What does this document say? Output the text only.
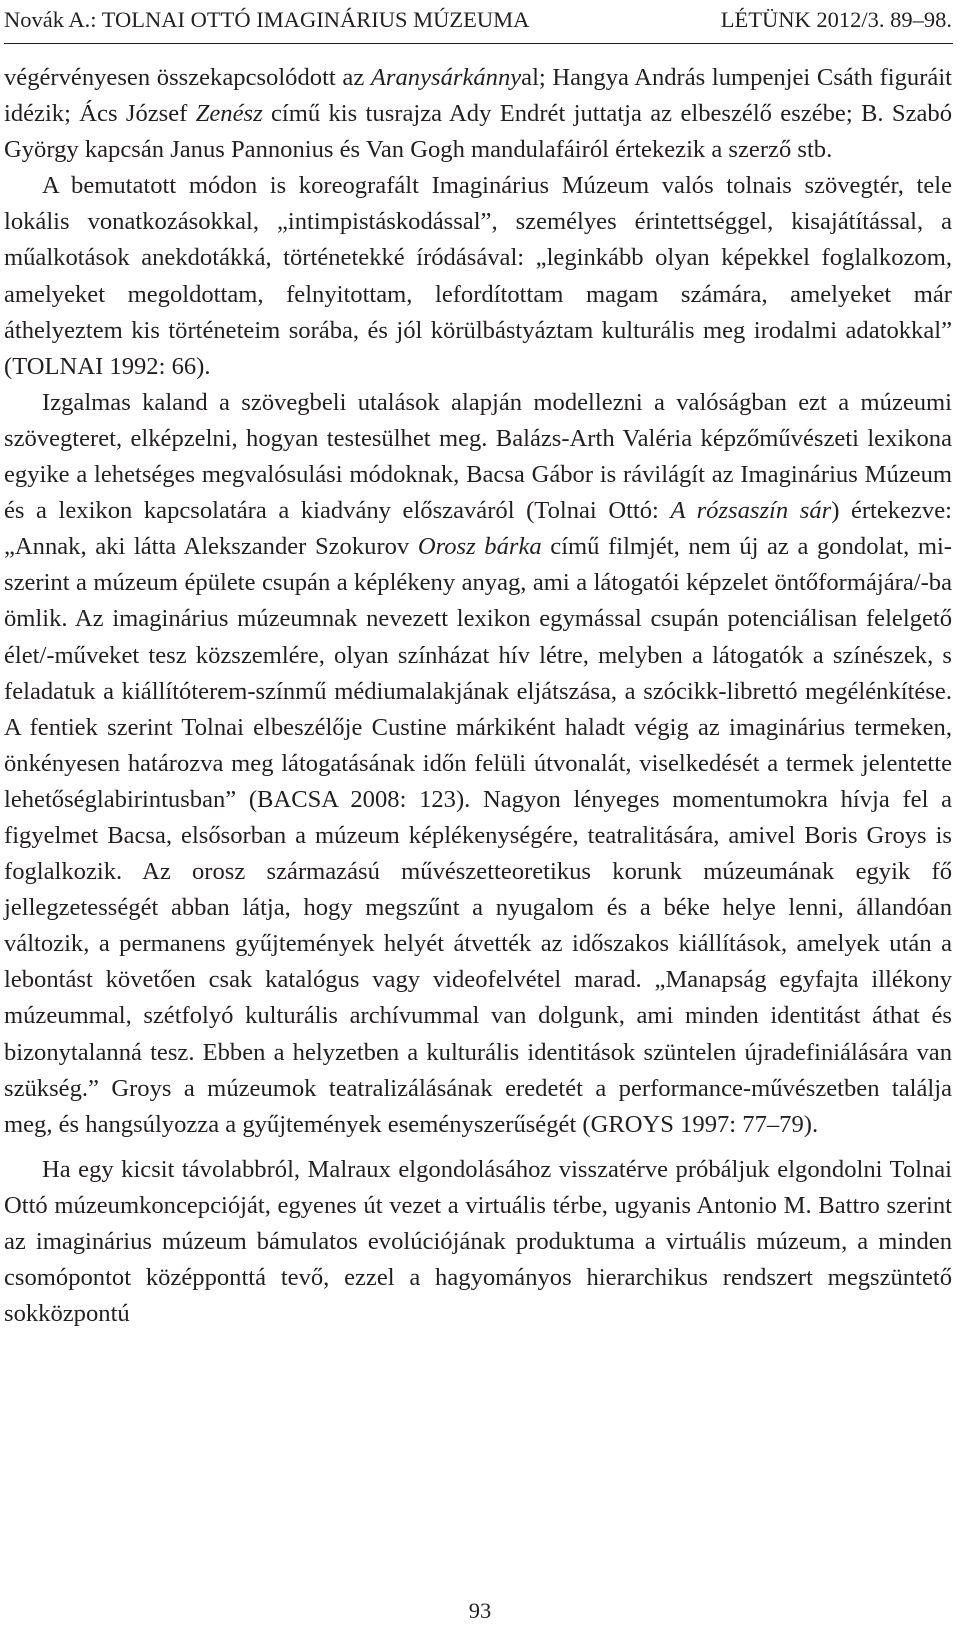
Novák A.: TOLNAI OTTÓ IMAGINÁRIUS MÚZEUMA	LÉTÜNK 2012/3. 89–98.

végérvényesen összekapcsolódott az Aranysárkánnyal; Hangya András lumpenjei Csáth figuráit idézik; Ács József Zenész című kis tusrajza Ady Endrét juttatja az elbeszélő eszébe; B. Szabó György kapcsán Janus Pannonius és Van Gogh mandulafáiról értekezik a szerző stb.

A bemutatott módon is koreografált Imaginárius Múzeum valós tolnais szövegtér, tele lokális vonatkozásokkal, „intimpistáskodással”, személyes érintettséggel, kisajátítással, a műalkotások anekdotákká, történetekké íródásával: „leginkább olyan képekkel foglalkozom, amelyeket megoldottam, felnyitottam, lefordítottam magam számára, amelyeket már áthelyeztem kis történeteim sorába, és jól körülbástyáztam kulturális meg irodalmi adatokkal” (TOLNAI 1992: 66).

Izgalmas kaland a szövegbeli utalások alapján modellezni a valóságban ezt a múzeumi szövegteret, elképzelni, hogyan testesülhet meg. Balázs-Arth Valéria képzőművészeti lexikona egyike a lehetséges megvalósulási módoknak, Bacsa Gábor is rávilágít az Imaginárius Múzeum és a lexikon kapcsolatára a kiadvány előszaváról (Tolnai Ottó: A rózsaszín sár) értekezve: „Annak, aki látta Alekszander Szokurov Orosz bárka című filmjét, nem új az a gondolat, miszerint a múzeum épülete csupán a képlékeny anyag, ami a látogatói képzelet öntőformájára/-ba ömlik. Az imaginárius múzeumnak nevezett lexikon egymással csupán potenciálisan felelgető élet/-műveket tesz közszemlére, olyan színházat hív létre, melyben a látogatók a színészek, s feladatuk a kiállítóterem-színmű médiumalakjának eljátszása, a szócikk-librettó megélénkítése. A fentiek szerint Tolnai elbeszélője Custine márkiként haladt végig az imaginárius termeken, önkényesen határozva meg látogatásának időn felüli útvonalát, viselkedését a termek jelentette lehetőséglabirintusban” (BACSA 2008: 123). Nagyon lényeges momentumokra hívja fel a figyelmet Bacsa, elsősorban a múzeum képlékenységére, teatralitására, amivel Boris Groys is foglalkozik. Az orosz származású művészetteoretikus korunk múzeumának egyik fő jellegzetességét abban látja, hogy megszűnt a nyugalom és a béke helye lenni, állandóan változik, a permanens gyűjtemények helyét átvették az időszakos kiállítások, amelyek után a lebontást követően csak katalógus vagy videofelvétel marad. „Manapság egyfajta illékony múzeummal, szétfolyó kulturális archívummal van dolgunk, ami minden identitást áthat és bizonytalanná tesz. Ebben a helyzetben a kulturális identitások szüntelen újradefiniálására van szükség.” Groys a múzeumok teatralizálásának eredetét a performance-művészetben találja meg, és hangsúlyozza a gyűjtemények eseményszerűségét (GROYS 1997: 77–79).

Ha egy kicsit távolabbról, Malraux elgondolásához visszatérve próbáljuk elgondolni Tolnai Ottó múzeumkoncepcióját, egyenes út vezet a virtuális térbe, ugyanis Antonio M. Battro szerint az imaginárius múzeum bámulatos evolúciójának produktuma a virtuális múzeum, a minden csomópontot középponttá tevő, ezzel a hagyományos hierarchikus rendszert megszüntető sokközpontú

93
